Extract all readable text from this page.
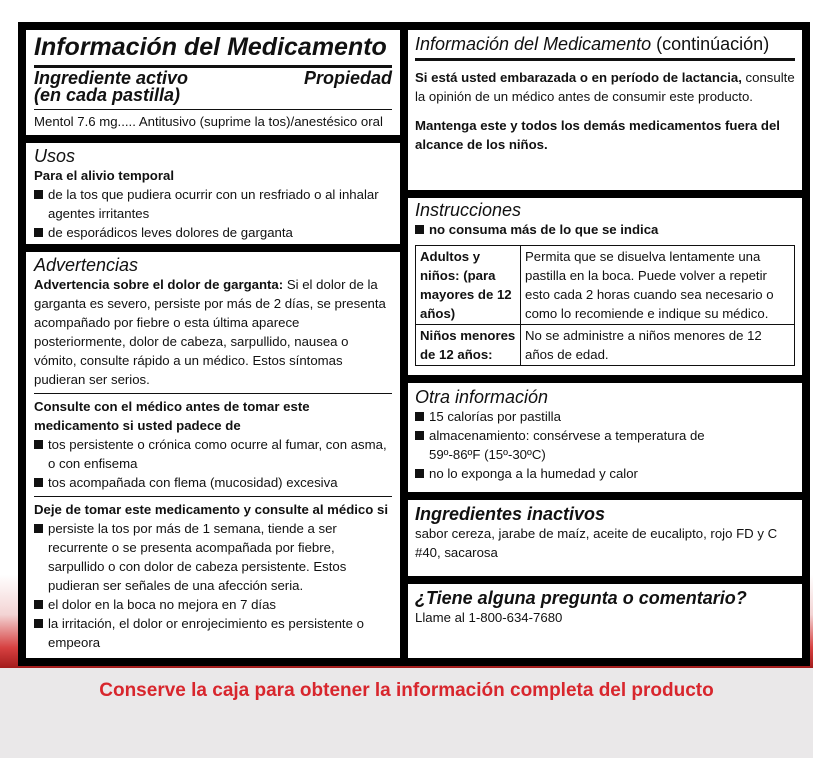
Información del Medicamento
Ingrediente activo
(en cada pastilla)
Propiedad
Mentol 7.6 mg..... Antitusivo (suprime la tos)/anestésico oral
Usos
Para el alivio temporal
de la tos que pudiera ocurrir con un resfriado o al inhalar agentes irritantes
de esporádicos leves dolores de garganta
Advertencias
Advertencia sobre el dolor de garganta: Si el dolor de la garganta es severo, persiste por más de 2 días, se presenta acompañado por fiebre o esta última aparece posteriormente, dolor de cabeza, sarpullido, nausea o vómito, consulte rápido a un médico. Estos síntomas pudieran ser serios.
Consulte con el médico antes de tomar este medicamento si usted padece de
tos persistente o crónica como ocurre al fumar, con asma, o con enfisema
tos acompañada con flema (mucosidad) excesiva
Deje de tomar este medicamento y consulte al médico si
persiste la tos por más de 1 semana, tiende a ser recurrente o se presenta acompañada por fiebre, sarpullido o con dolor de cabeza persistente. Estos pudieran ser señales de una afección seria.
el dolor en la boca no mejora en 7 días
la irritación, el dolor or enrojecimiento es persistente o empeora
Información del Medicamento (continúación)
Si está usted embarazada o en período de lactancia, consulte la opinión de un médico antes de consumir este producto.
Mantenga este y todos los demás medicamentos fuera del alcance de los niños.
Instrucciones
no consuma más de lo que se indica
Adultos y niños: (para mayores de 12 años)	Permita que se disuelva lentamente una pastilla en la boca. Puede volver a repetir esto cada 2 horas cuando sea necesario o como lo recomiende e indique su médico.
Niños menores de 12 años:	No se administre a niños menores de 12 años de edad.
Otra información
15 calorías por pastilla
almacenamiento: consérvese a temperatura de 59º-86ºF (15º-30ºC)
no lo exponga a la humedad y calor
Ingredientes inactivos
sabor cereza, jarabe de maíz, aceite de eucalipto, rojo FD y C #40, sacarosa
¿Tiene alguna pregunta o comentario?
Llame al 1-800-634-7680
Conserve la caja para obtener la información completa del producto
